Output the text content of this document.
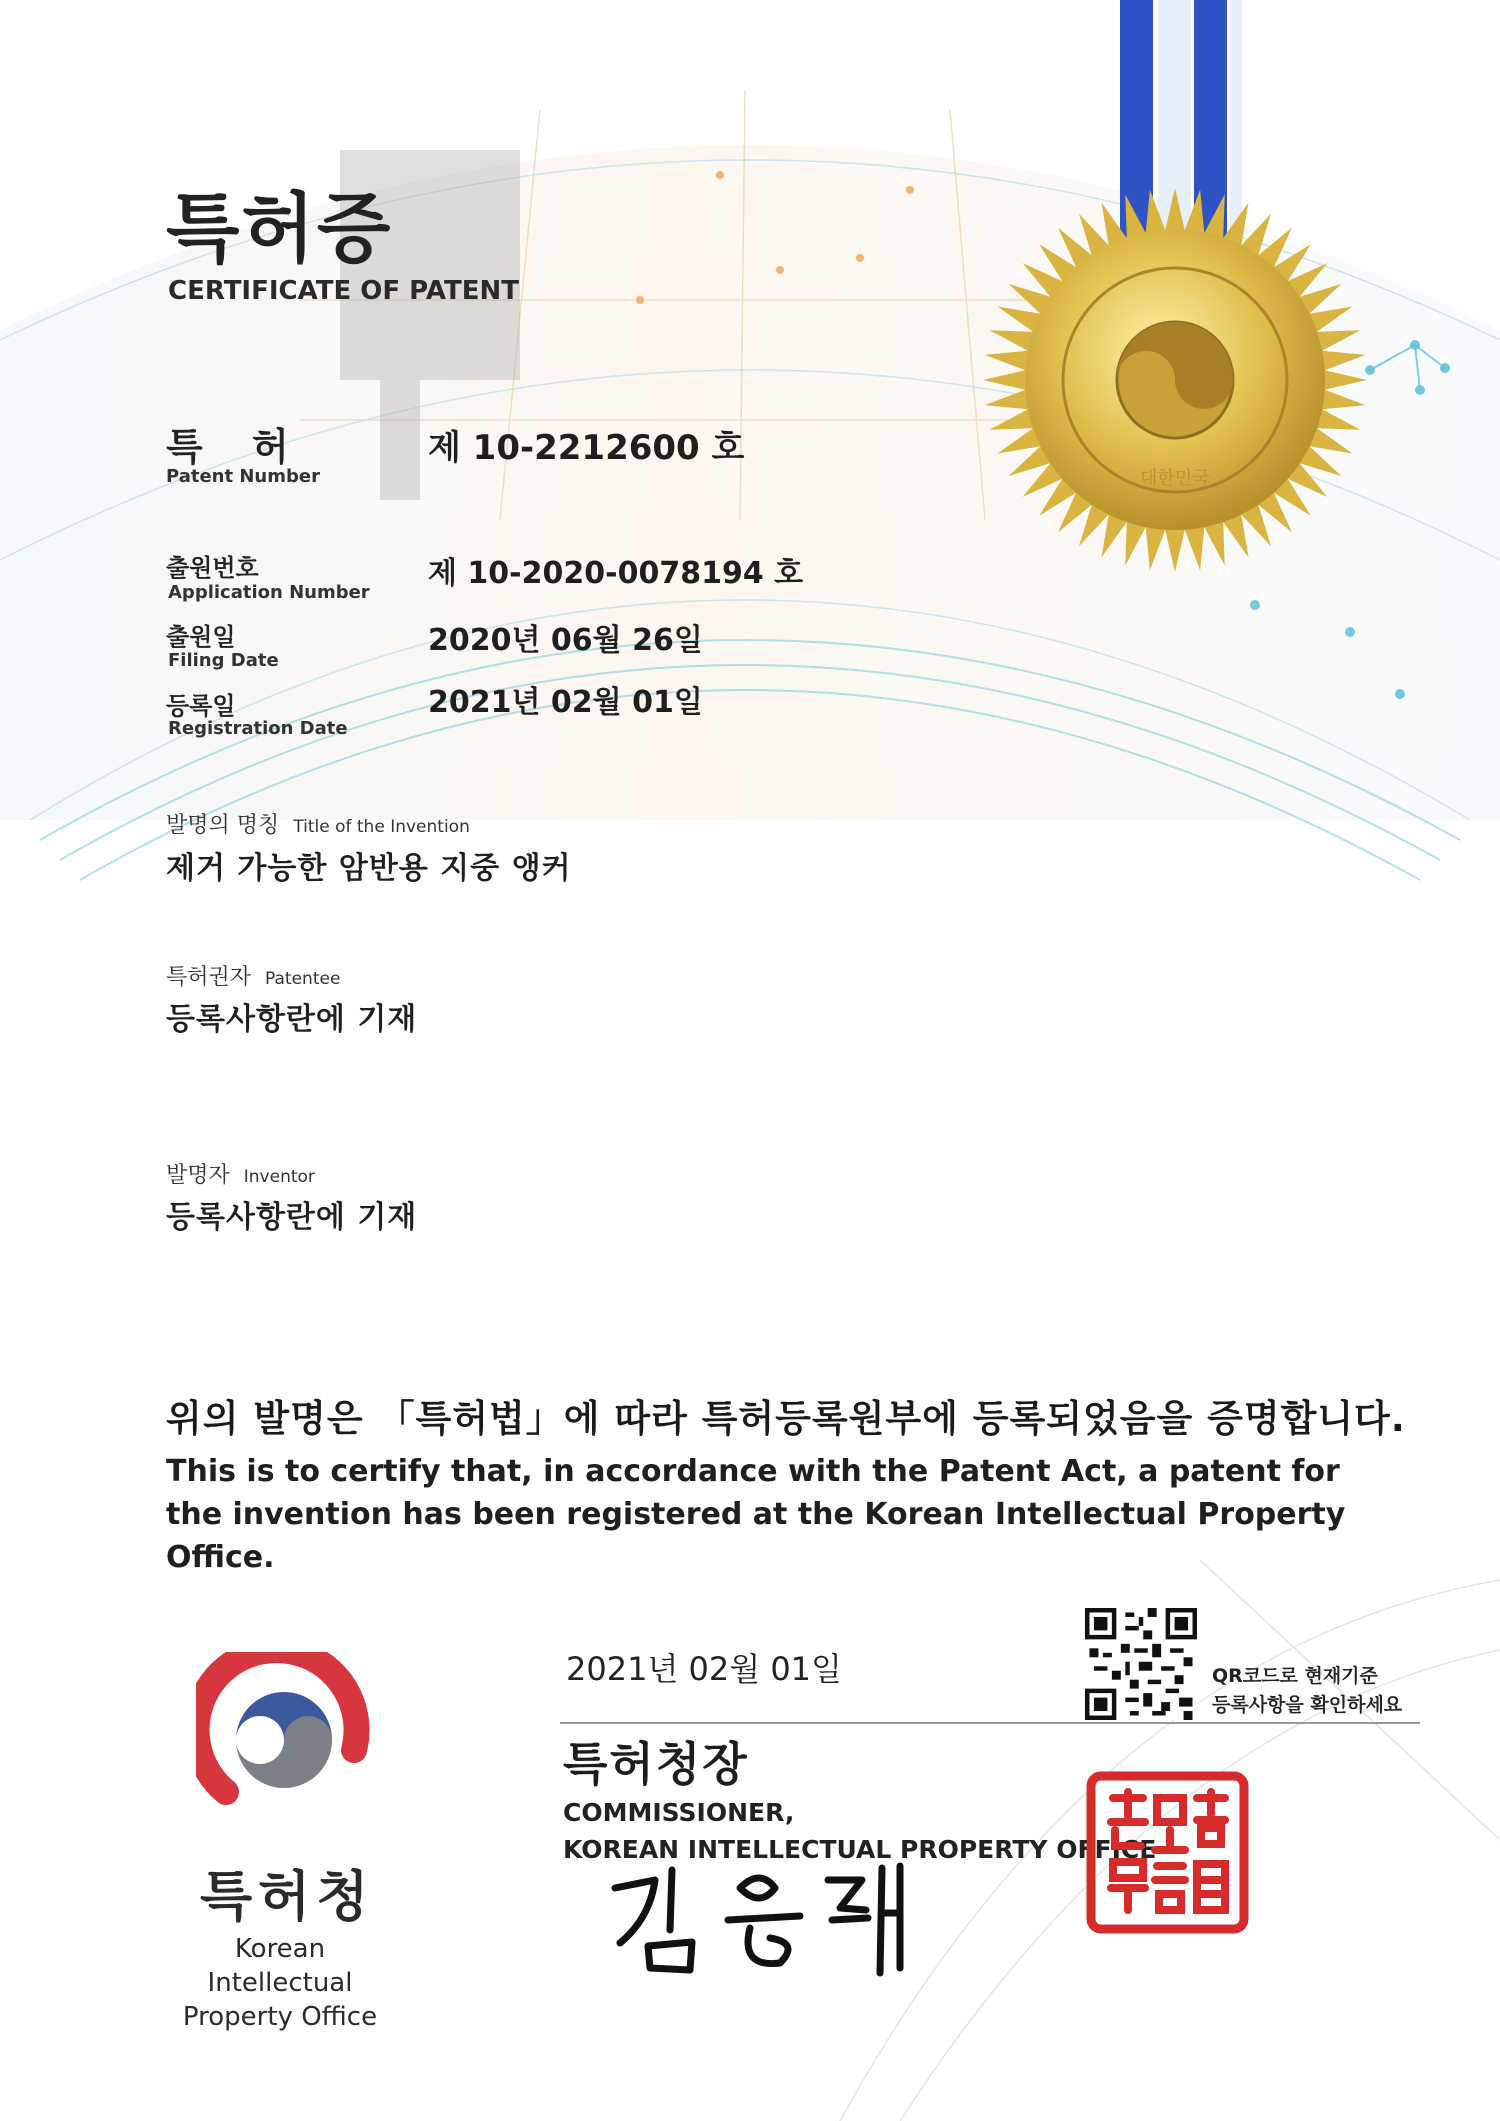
대한민국
특허증
CERTIFICATE OF PATENT
특 허
Patent Number
제 10-2212600 호
출원번호
Application Number
제 10-2020-0078194 호
출원일
Filing Date
2020년 06월 26일
등록일
Registration Date
2021년 02월 01일
발명의 명칭 Title of the Invention
제거 가능한 암반용 지중 앵커
특허권자 Patentee
등록사항란에 기재
발명자 Inventor
등록사항란에 기재

위의 발명은 「특허법」에 따라 특허등록원부에 등록되었음을 증명합니다.

This is to certify that, in accordance with the Patent Act, a patent for the invention has been registered at the Korean Intellectual Property Office.

2021년 02월 01일
특허청장
COMMISSIONER,
KOREAN INTELLECTUAL PROPERTY OFFICE
QR코드로 현재기준
등록사항을 확인하세요
특허청
Korean Intellectual Property Office
